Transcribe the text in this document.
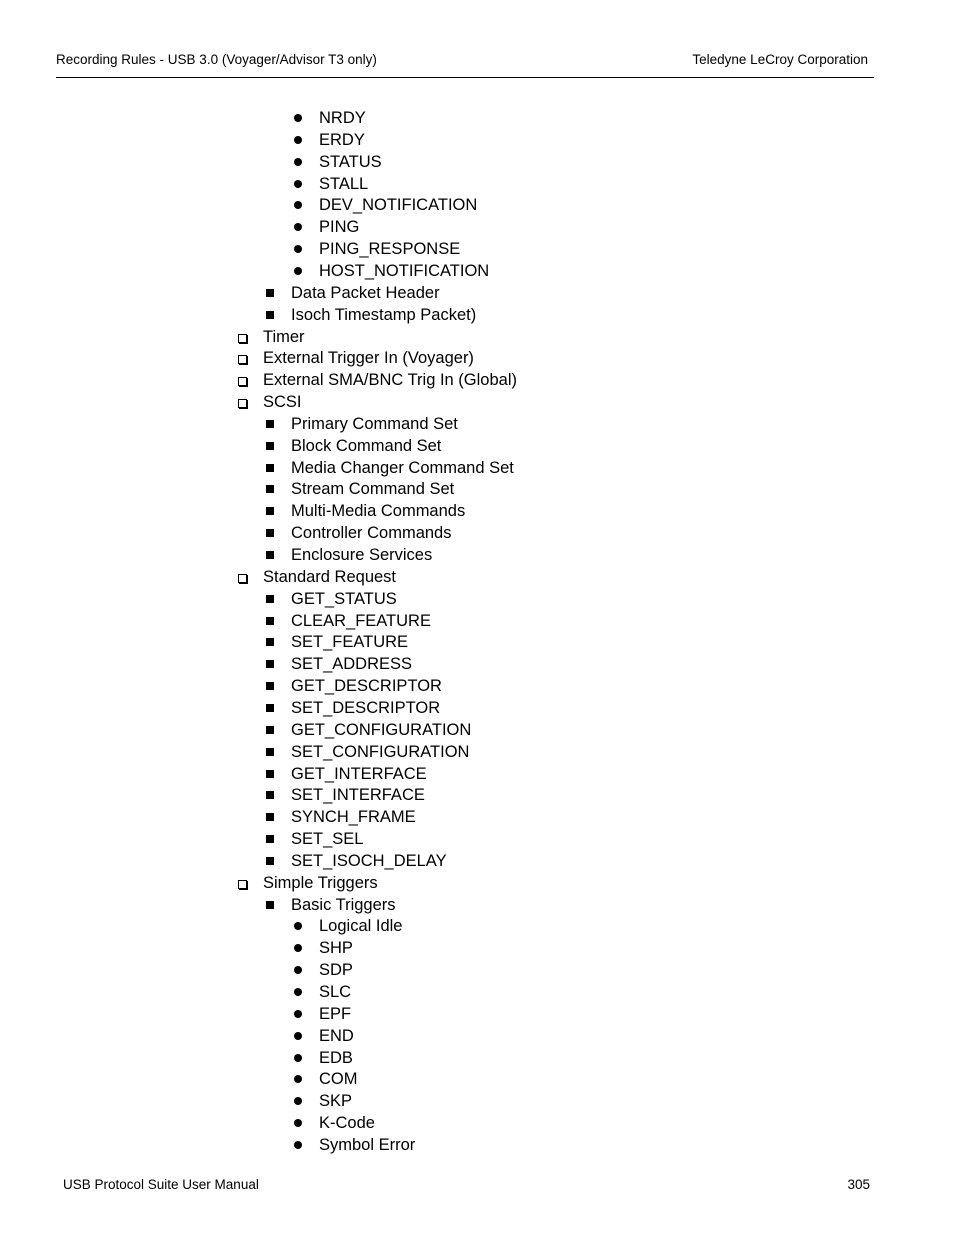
Recording Rules - USB 3.0 (Voyager/Advisor T3 only)	Teledyne LeCroy Corporation
NRDY
ERDY
STATUS
STALL
DEV_NOTIFICATION
PING
PING_RESPONSE
HOST_NOTIFICATION
Data Packet Header
Isoch Timestamp Packet)
Timer
External Trigger In (Voyager)
External SMA/BNC Trig In (Global)
SCSI
Primary Command Set
Block Command Set
Media Changer Command Set
Stream Command Set
Multi-Media Commands
Controller Commands
Enclosure Services
Standard Request
GET_STATUS
CLEAR_FEATURE
SET_FEATURE
SET_ADDRESS
GET_DESCRIPTOR
SET_DESCRIPTOR
GET_CONFIGURATION
SET_CONFIGURATION
GET_INTERFACE
SET_INTERFACE
SYNCH_FRAME
SET_SEL
SET_ISOCH_DELAY
Simple Triggers
Basic Triggers
Logical Idle
SHP
SDP
SLC
EPF
END
EDB
COM
SKP
K-Code
Symbol Error
USB Protocol Suite User Manual	305
